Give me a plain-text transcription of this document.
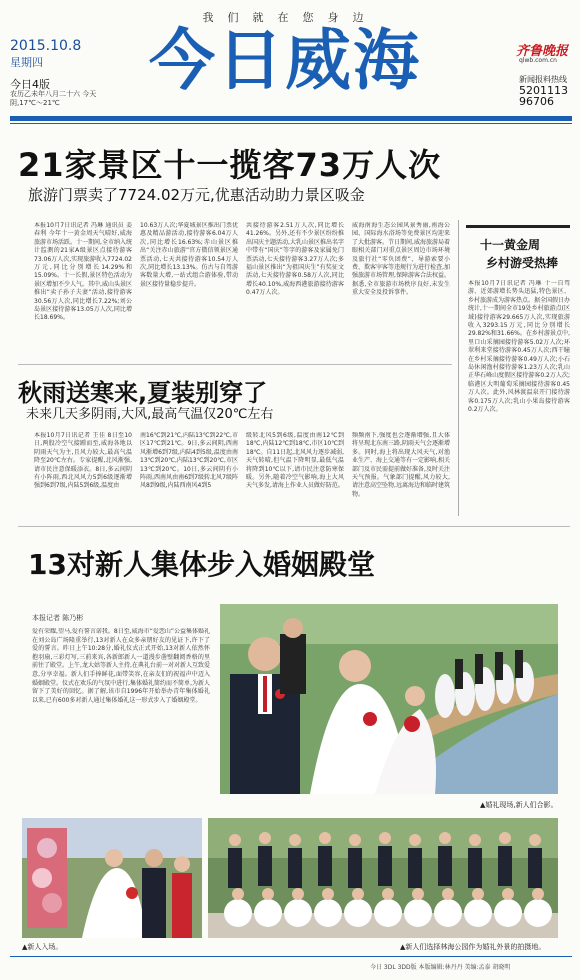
我们就在您身边
2015.10.8
星期四
今日4版
农历乙未年八月二十六 今天阴,17℃～21℃
今日威海	齐鲁晚报
qlwb.com.cn
新闻报料热线
5201113 96706
21家景区十一揽客73万人次
旅游门票卖了7724.02万元,优惠活动助力景区吸金
本报10月7日讯记者 冯琳 通讯员 姜春利 今年十一黄金周天气晴好,威海旅游市场活跃。十一期间,全市纳入统计监测的21家A级景区点接待游客73.06万人次,实现旅游收入7724.02万元,同比分别增长14.29%和15.09%。十一长假,景区特色活动为景区增加不少人气。其中,威山头景区推出“卖子孙子夫妻”活动,接待游客30.56万人次,同比增长7.22%;刘公岛景区接待游客13.05万人次,同比增长18.69%。
10.63万人次;华夏城景区推出门票优惠及精品游活动,接待游客6.04万人次,同比增长16.63%;赤山景区推出“关注赤山旅游”官方微信领景区通票活动,七天共接待游客10.54万人次,同比增长13.13%。仿古与自驾游客数量大增,一站式组合游体验,带动景区接待量稳步提升。
共接待游客2.51万人次,同比增长41.26%。另外,还有不少景区纷纷推出国庆主题活动,大乳山景区推出名字中带有“国庆”等字的游客及家属免门票活动,七天接待游客3.27万人次;多福山景区推出“为祖国庆生”有奖征文活动,七天接待游客0.58万人次,同比增长40.10%,威海西港旅游接待游客0.47万人次。
威海南海生态公园风景秀丽,南海公园、国际海水浴场等免费景区均迎来了大批游客。节日期间,威海旅游局着眼相关部门对重点景区周边市场环境及旅行社“零负团费”、导游索要小费、欺客宰客等违规行为进行检查,加强旅游市场管理,保障游客合法权益。据悉,全市旅游市场秩序良好,未发生重大安全及投诉事件。
十一黄金周
乡村游受热捧
本报10月7日讯记者 冯琳 十一自驾游、近郊游增长势头迅猛,特色景区、乡村旅游成为游客热点。据全国假日办统计,十一期间全市19处乡村旅游点(区域)接待游客29.665万人次,实现旅游收入3293.15万元,同比分别增长29.82%和31.66%。在乡村游景点中,里口山采摘园接待游客5.02万人次;环翠利来堂接待游客0.45万人次;西干瞳在乡村采摘接待游客0.49万人次;小石岛休闲渔村接待游客1.23万人次;乳山正华石峰山度假区接待游客0.2万人次;临港区大明葡萄采摘园接待游客0.45万人次。此外,风林渡温泉开门接待游客0.175万人次;乳山小果岛接待游客0.2万人次。
秋雨送寒来,夏装别穿了
未来几天多阴雨,大风,最高气温仅20℃左右
本报10月7日讯记者 王佳 8日至10日,两股冷空气接踵而至,威海各地以阴雨天气为主,且风力较大,最高气温降至20℃左右。专家提醒,北风渐强,请市民注意保暖添衣。8日,多云间阴有小阵雨,西北风风力5到6级逐渐增强到6到7级,内陆5到6级,温度由
南16℃到21℃,内陆13℃到22℃,市区17℃到21℃。9日,多云间阴,西南风渐增6到7级,内陆4到5级,温度由南13℃到20℃,内陆13℃到20℃,市区13℃到20℃。10日,多云间阴有小阵雨,西南风由南6到7级转北风7级阵风8到9级,内陆西南风4到5
级转北风5到6级,温度由南12℃到18℃,内陆12℃到18℃,市区10℃到18℃。自11日起,北风风力逐步减弱,天气转晴,但气温下降明显,最低气温将降到10℃以下,请市民注意防寒保暖。另外,随着冷空气影响,海上大风天气多发,请海上作业人员做好防范。
频频南下,强度也会逐渐增强,且大体将呈现北东南三路,阴雨天气会逐渐增多。同时,海上将出现大风天气,对渔业生产、海上交通等有一定影响,相关部门及市民需提前做好准备,及时关注天气预报。气象部门提醒,风力较大,请注意高空坠物,远离海边和临时建筑物。
13对新人集体步入婚姻殿堂
本报记者 陈乃彬
爱有荣耀,望马,爱有誓言诺我。8日至,威海市“爱恋山”公益集体婚礼在刘公岛广场隆重举行,13对新人在众多亲朋好友的见证下,许下了爱的誓言。昨日上午10:28分,婚礼仪式正式开始,13对新人依然怀抱羽扇,三彩灯写,三前来宾,各新郎新人一道漫步凿壁翻阅香格的里前往了殿堂。上午,龙大姑等新人主持,在典礼台前一对对新人互致爱意,分享幸福。新人们手捧鲜花,面带笑容,在亲友们的祝福声中迈入婚姻殿堂。仪式在欢乐的气氛中进行,集体婚礼简约而不简单,为新人留下了美好的回忆。据了解,该市自1996年开始举办青年集体婚礼以来,已有600多对新人通过集体婚礼这一形式步入了婚姻殿堂。
▲婚礼现场,新人们合影。
▲新人入场。	▲新人们选择林海公园作为婚礼外景的拍摄地。
今日 3DL 3DD版 本版编辑:林丹丹 美编:孟泰 胡晓明
